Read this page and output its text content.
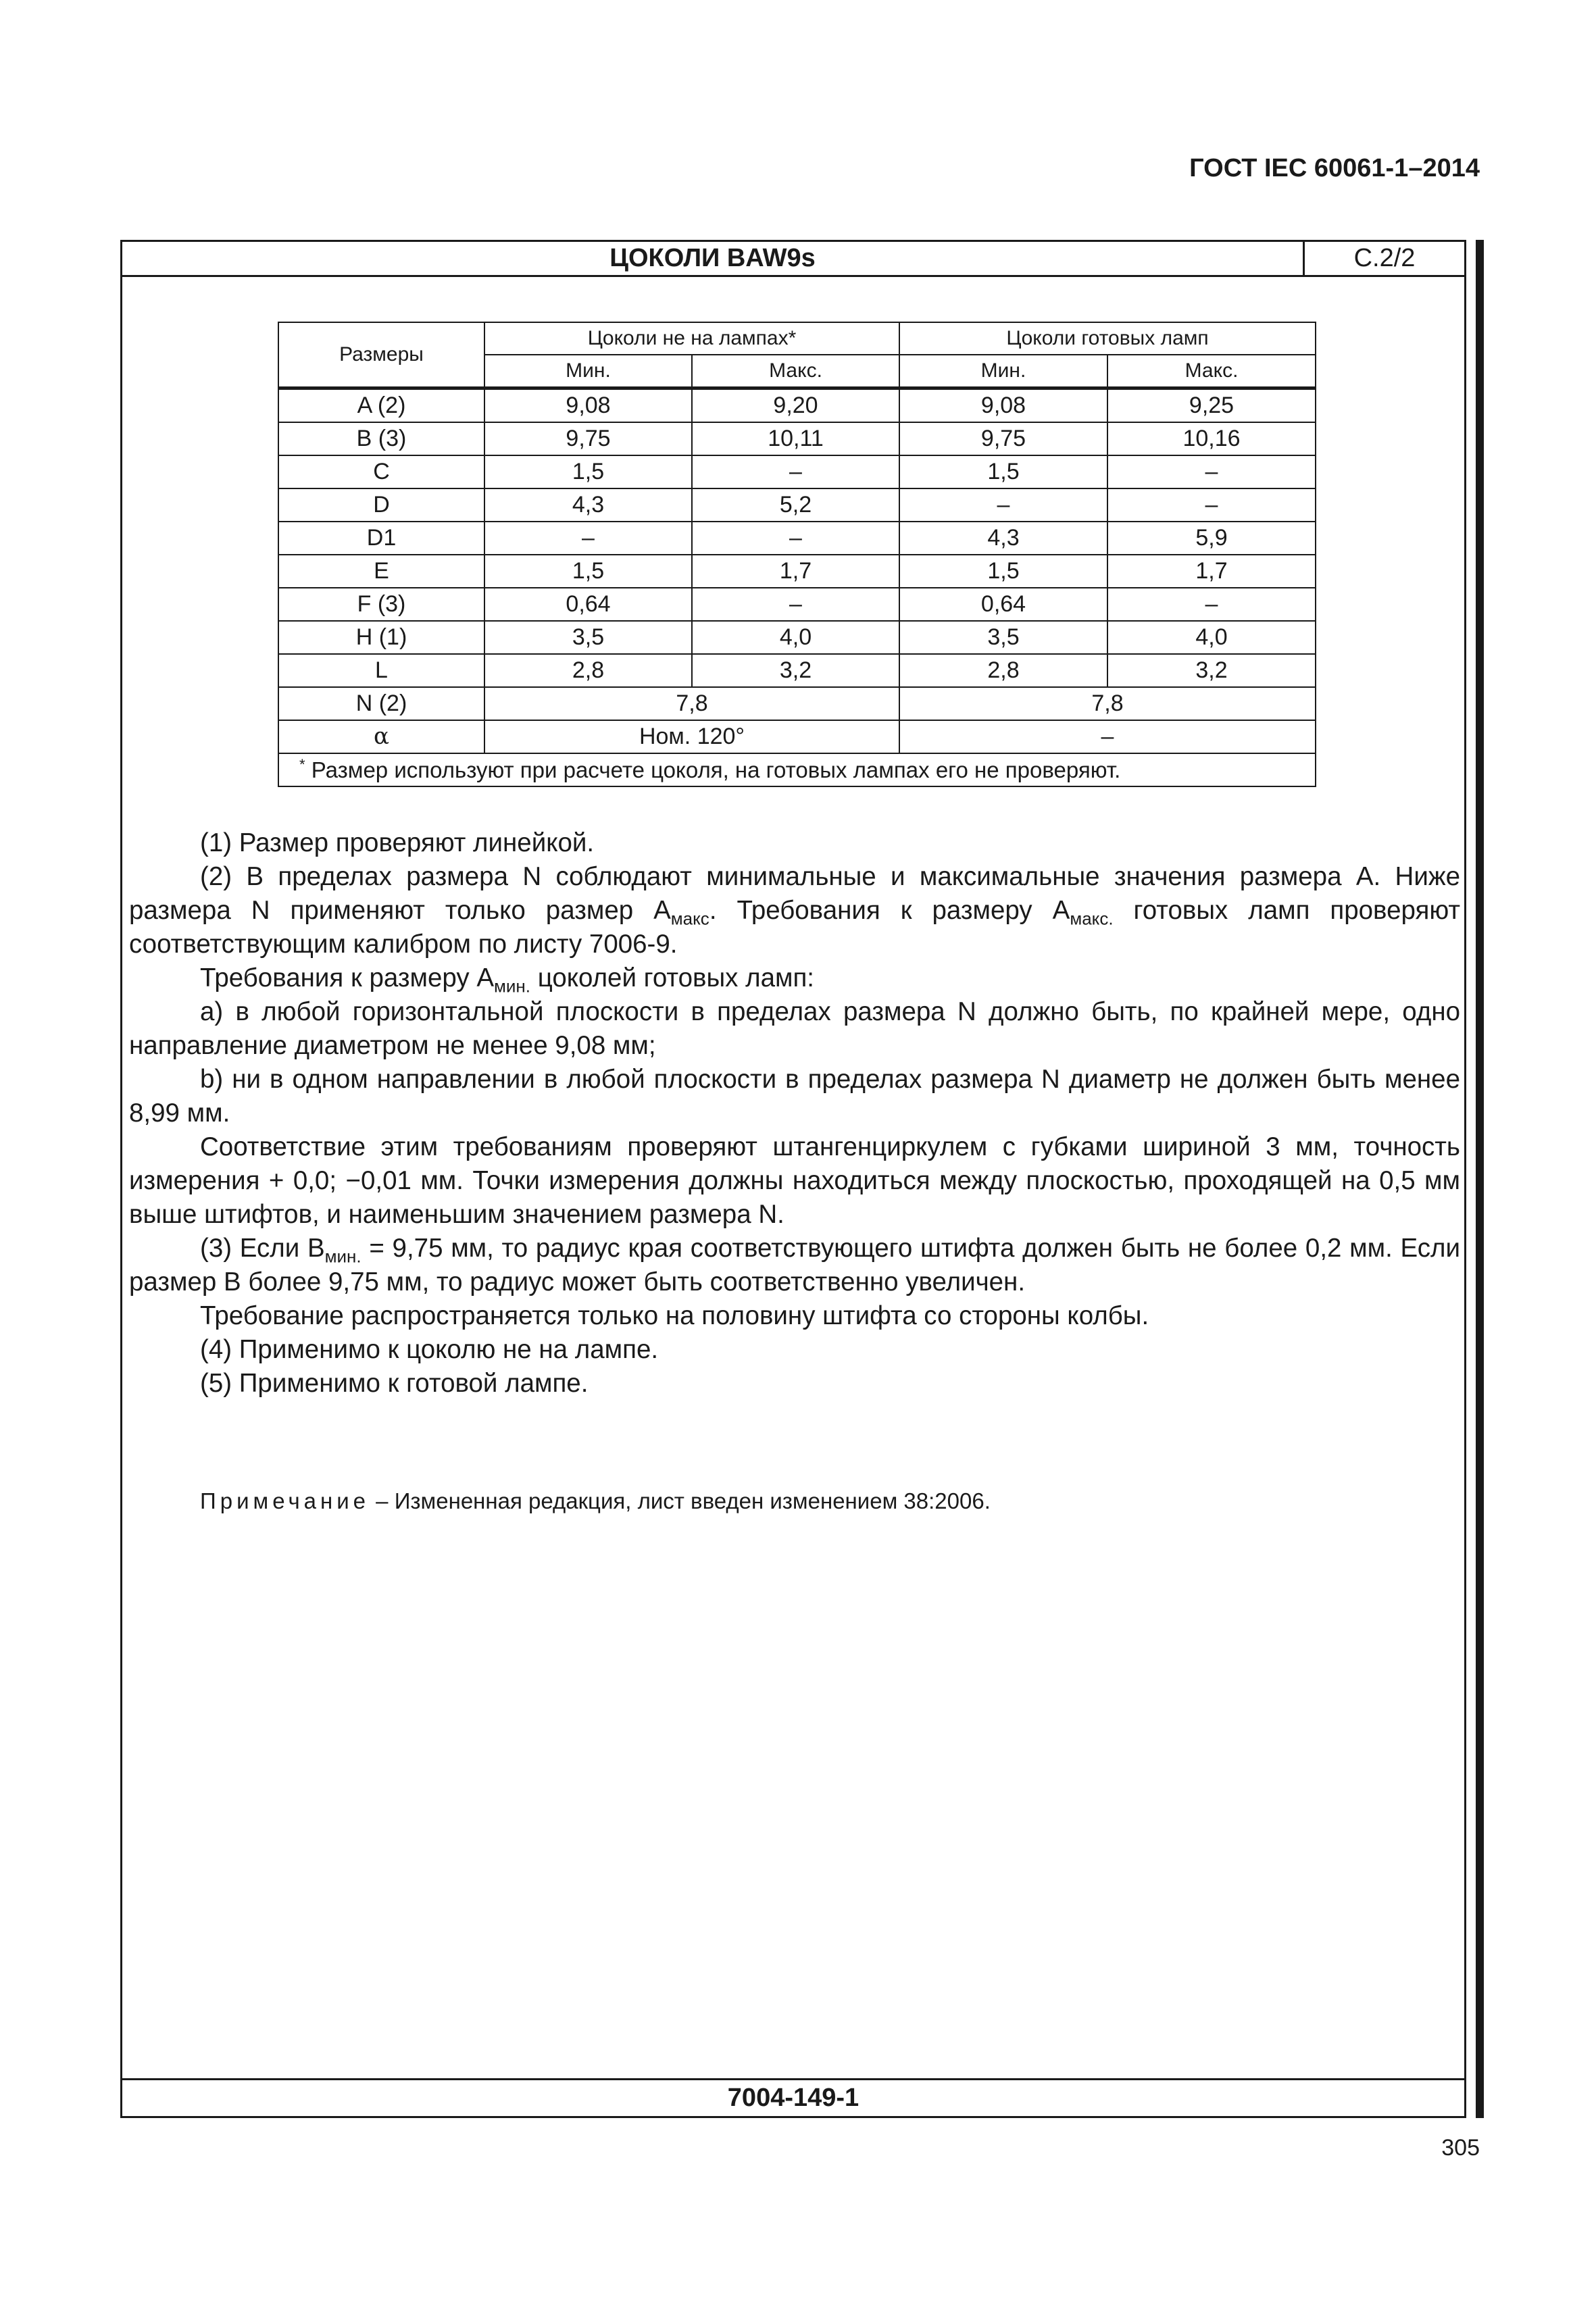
ГОСТ IEC 60061-1–2014
ЦОКОЛИ BAW9s	С.2/2
Размеры	Цоколи не на лампах*		Цоколи готовых ламп	
	Мин.	Макс.	Мин.	Макс.
A (2)	9,08	9,20	9,08	9,25
B (3)	9,75	10,11	9,75	10,16
C	1,5	–	1,5	–
D	4,3	5,2	–	–
D1	–	–	4,3	5,9
E	1,5	1,7	1,5	1,7
F (3)	0,64	–	0,64	–
H (1)	3,5	4,0	3,5	4,0
L	2,8	3,2	2,8	3,2
N (2)	7,8		7,8	
α	Ном. 120°		–	
* Размер используют при расчете цоколя, на готовых лампах его не проверяют.				

(1) Размер проверяют линейкой.

(2) В пределах размера N соблюдают минимальные и максимальные значения размера А. Ниже размера N применяют только размер $А_{макс}$. Требования к размеру $А_{макс.}$ готовых ламп проверяют соответствующим калибром по листу 7006-9.

Требования к размеру $А_{мин.}$ цоколей готовых ламп:

а) в любой горизонтальной плоскости в пределах размера N должно быть, по крайней мере, одно направление диаметром не менее 9,08 мм;

b) ни в одном направлении в любой плоскости в пределах размера N диаметр не должен быть менее 8,99 мм.

Соответствие этим требованиям проверяют штангенциркулем с губками шириной 3 мм, точность измерения + 0,0; −0,01 мм. Точки измерения должны находиться между плоскостью, проходящей на 0,5 мм выше штифтов, и наименьшим значением размера N.

(3) Если $B_{мин.} = 9,75$ мм, то радиус края соответствующего штифта должен быть не более 0,2 мм. Если размер B более 9,75 мм, то радиус может быть соответственно увеличен.

Требование распространяется только на половину штифта со стороны колбы.

(4) Применимо к цоколю не на лампе.

(5) Применимо к готовой лампе.

Примечание – Измененная редакция, лист введен изменением 38:2006.
7004-149-1
305
